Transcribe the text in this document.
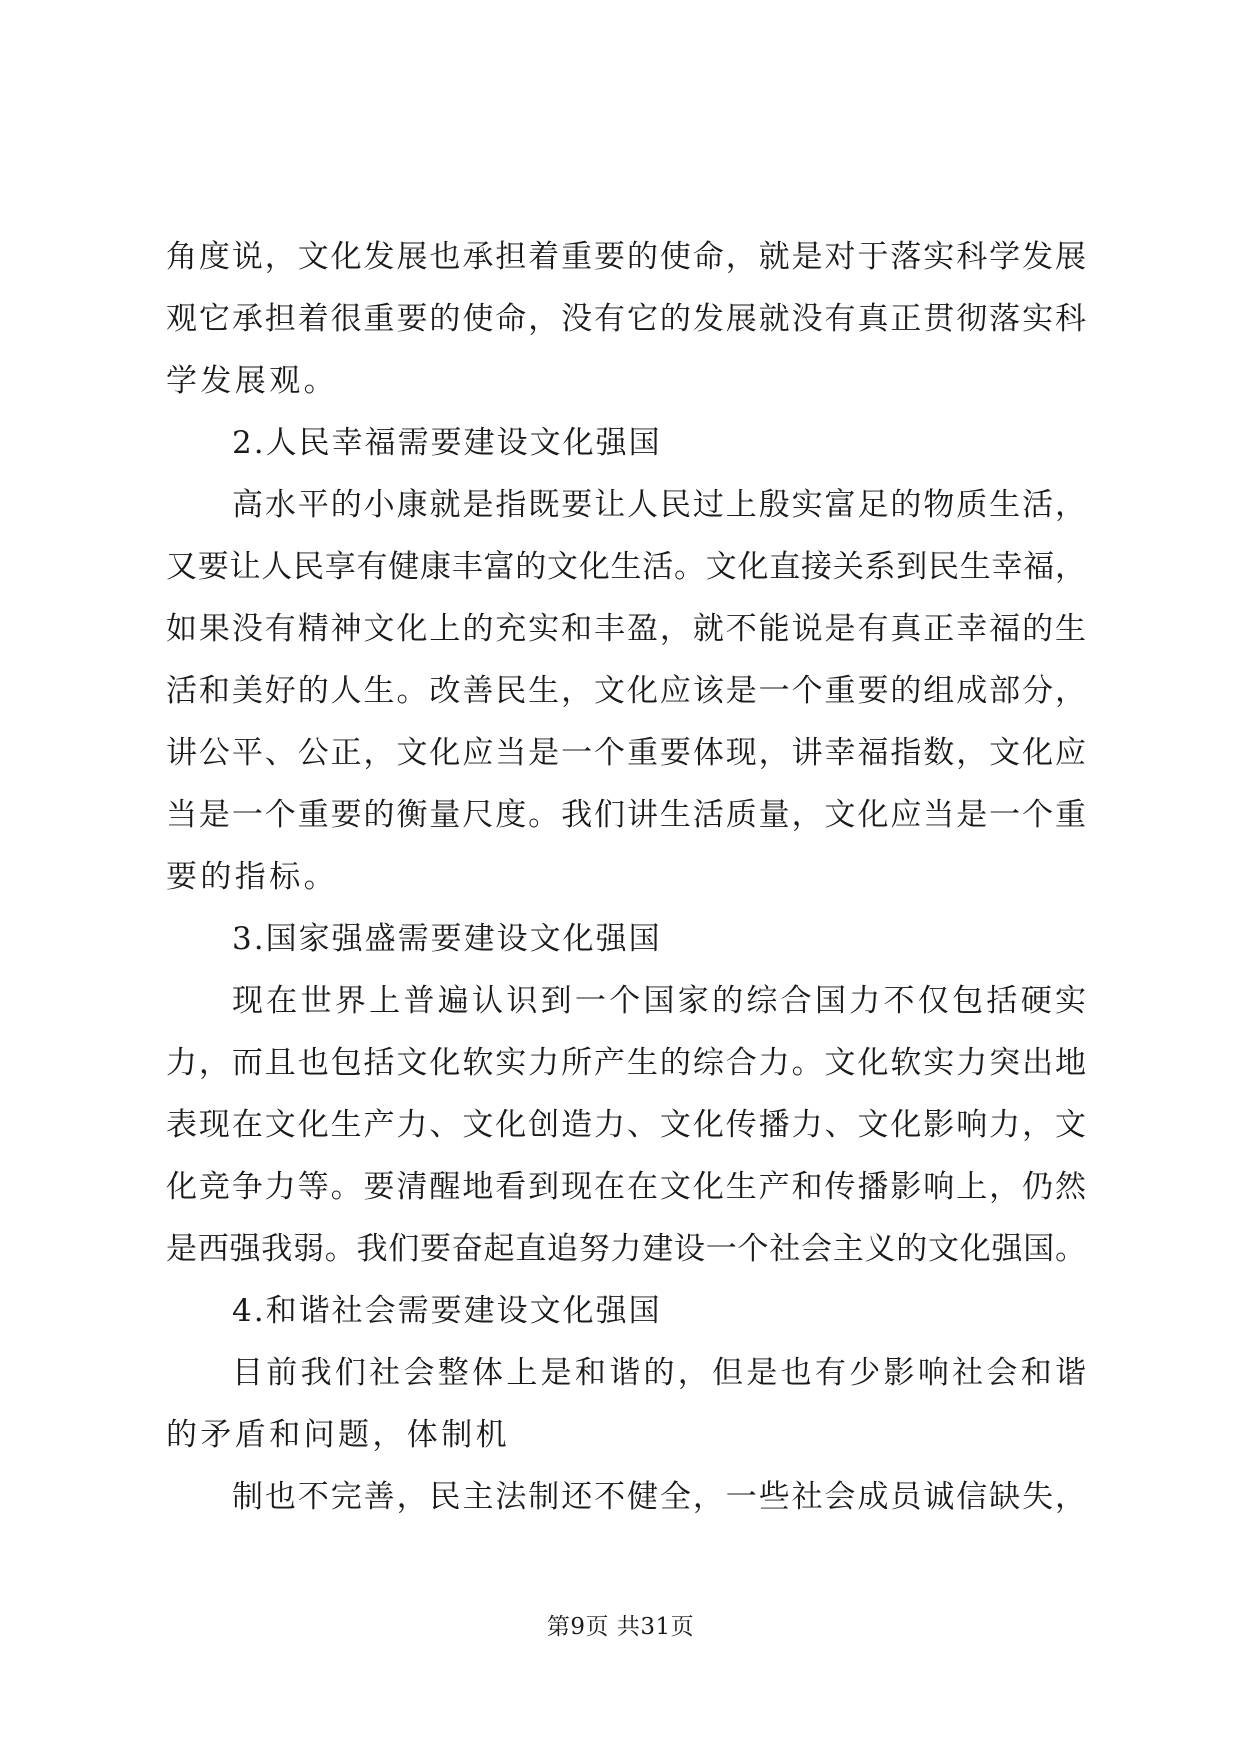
角度说，文化发展也承担着重要的使命，就是对于落实科学发展
观它承担着很重要的使命，没有它的发展就没有真正贯彻落实科
学发展观。
2.人民幸福需要建设文化强国
高水平的小康就是指既要让人民过上殷实富足的物质生活，
又要让人民享有健康丰富的文化生活。文化直接关系到民生幸福，
如果没有精神文化上的充实和丰盈，就不能说是有真正幸福的生
活和美好的人生。改善民生，文化应该是一个重要的组成部分，
讲公平、公正，文化应当是一个重要体现，讲幸福指数，文化应
当是一个重要的衡量尺度。我们讲生活质量，文化应当是一个重
要的指标。
3.国家强盛需要建设文化强国
现在世界上普遍认识到一个国家的综合国力不仅包括硬实
力，而且也包括文化软实力所产生的综合力。文化软实力突出地
表现在文化生产力、文化创造力、文化传播力、文化影响力，文
化竞争力等。要清醒地看到现在在文化生产和传播影响上，仍然
是西强我弱。我们要奋起直追努力建设一个社会主义的文化强国。
4.和谐社会需要建设文化强国
目前我们社会整体上是和谐的，但是也有少影响社会和谐
的矛盾和问题，体制机
制也不完善，民主法制还不健全，一些社会成员诚信缺失，
第9页 共31页
